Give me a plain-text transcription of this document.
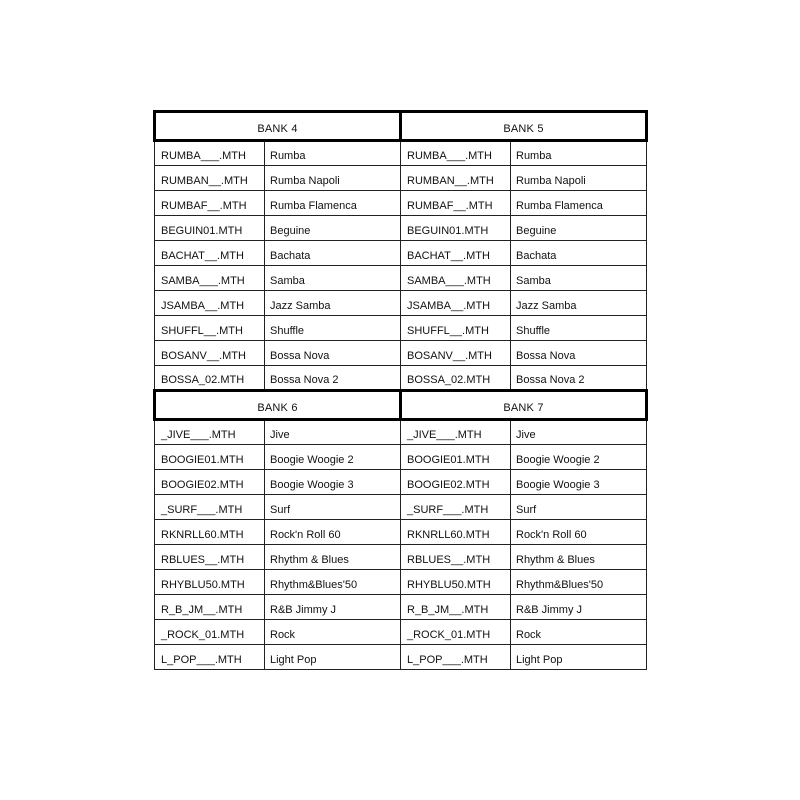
BANK 4		BANK 5	
RUMBA___.MTH	Rumba	RUMBA___.MTH	Rumba
RUMBAN__.MTH	Rumba Napoli	RUMBAN__.MTH	Rumba Napoli
RUMBAF__.MTH	Rumba Flamenca	RUMBAF__.MTH	Rumba Flamenca
BEGUIN01.MTH	Beguine	BEGUIN01.MTH	Beguine
BACHAT__.MTH	Bachata	BACHAT__.MTH	Bachata
SAMBA___.MTH	Samba	SAMBA___.MTH	Samba
JSAMBA__.MTH	Jazz Samba	JSAMBA__.MTH	Jazz Samba
SHUFFL__.MTH	Shuffle	SHUFFL__.MTH	Shuffle
BOSANV__.MTH	Bossa Nova	BOSANV__.MTH	Bossa Nova
BOSSA_02.MTH	Bossa Nova 2	BOSSA_02.MTH	Bossa Nova 2
BANK 6		BANK 7	
_JIVE___.MTH	Jive	_JIVE___.MTH	Jive
BOOGIE01.MTH	Boogie Woogie 2	BOOGIE01.MTH	Boogie Woogie 2
BOOGIE02.MTH	Boogie Woogie 3	BOOGIE02.MTH	Boogie Woogie 3
_SURF___.MTH	Surf	_SURF___.MTH	Surf
RKNRLL60.MTH	Rock'n Roll 60	RKNRLL60.MTH	Rock'n Roll 60
RBLUES__.MTH	Rhythm & Blues	RBLUES__.MTH	Rhythm & Blues
RHYBLU50.MTH	Rhythm&Blues'50	RHYBLU50.MTH	Rhythm&Blues'50
R_B_JM__.MTH	R&B Jimmy J	R_B_JM__.MTH	R&B Jimmy J
_ROCK_01.MTH	Rock	_ROCK_01.MTH	Rock
L_POP___.MTH	Light Pop	L_POP___.MTH	Light Pop
